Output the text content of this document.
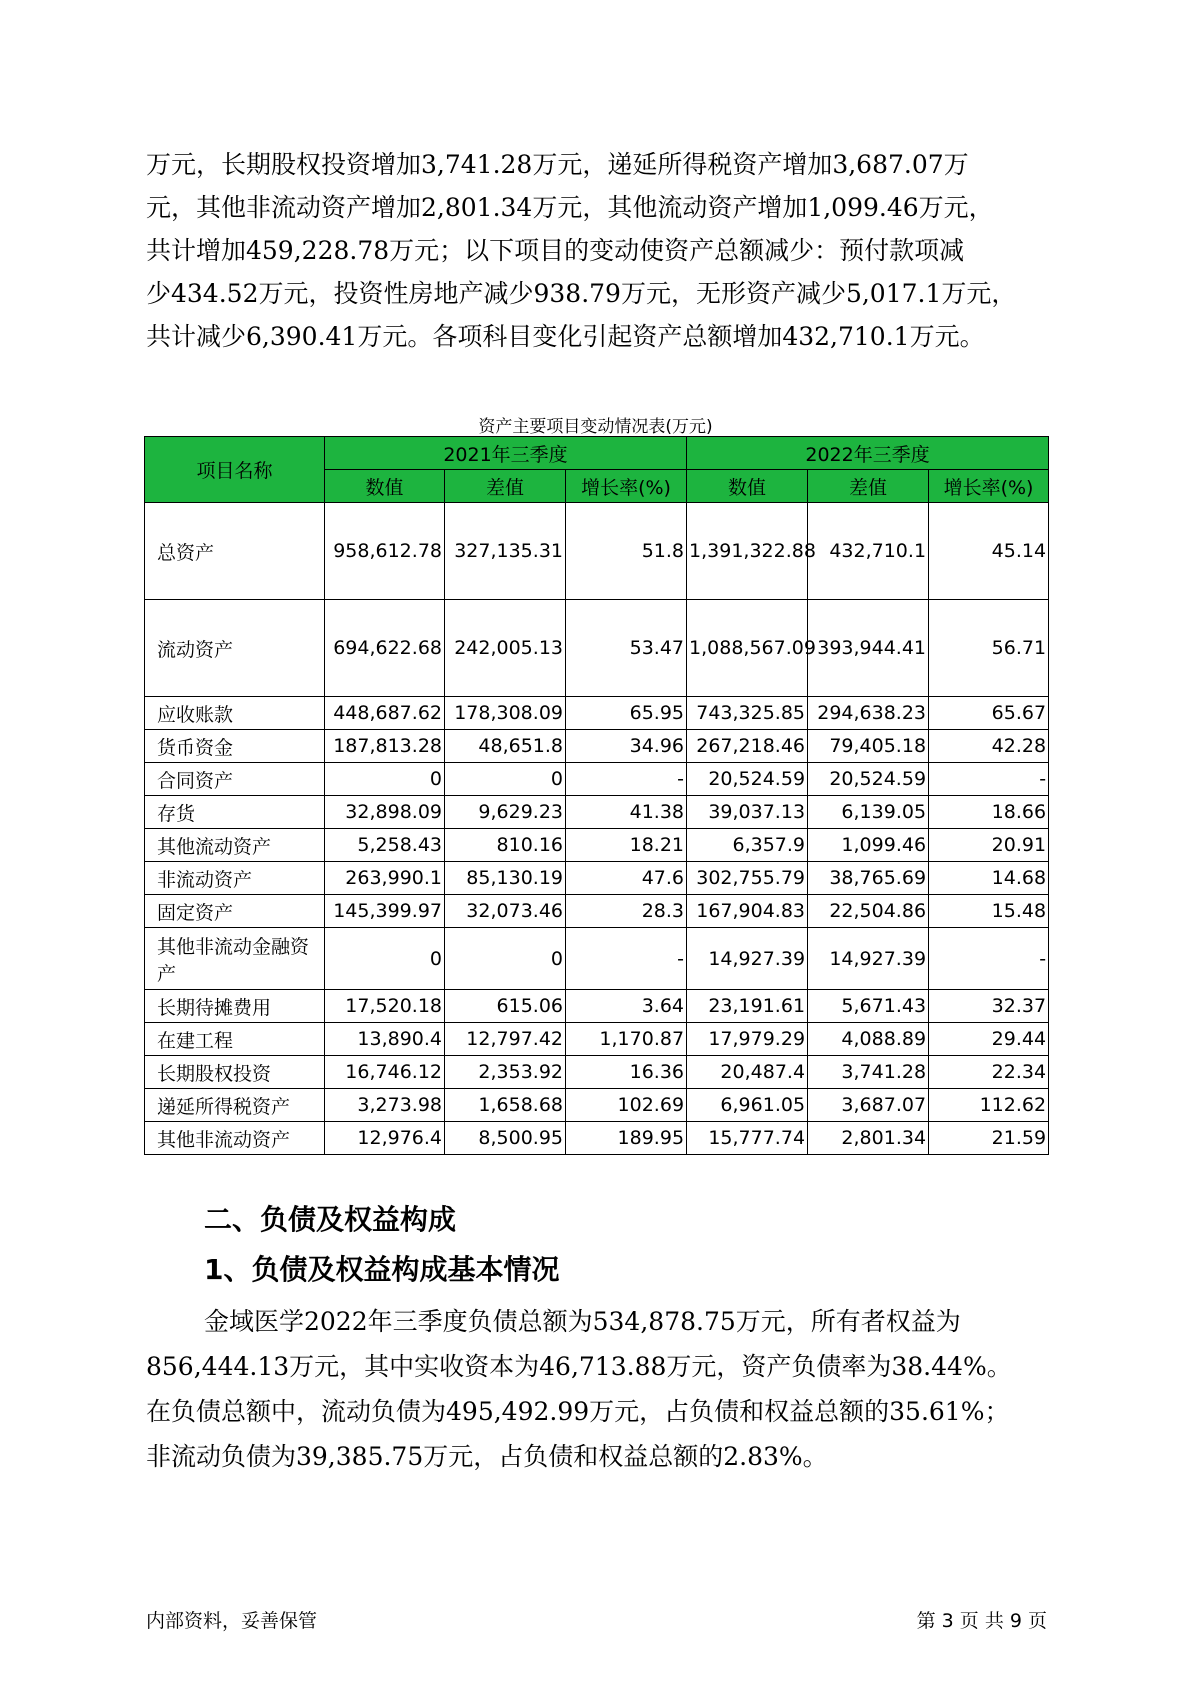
万元，长期股权投资增加3,741.28万元，递延所得税资产增加3,687.07万
元，其他非流动资产增加2,801.34万元，其他流动资产增加1,099.46万元，
共计增加459,228.78万元；以下项目的变动使资产总额减少：预付款项减
少434.52万元，投资性房地产减少938.79万元，无形资产减少5,017.1万元，
共计减少6,390.41万元。各项科目变化引起资产总额增加432,710.1万元。
资产主要项目变动情况表(万元)
项目名称	2021年三季度			2022年三季度		
	数值	差值	增长率(%)	数值	差值	增长率(%)
总资产	958,612.78	327,135.31	51.8	1,391,322.88	432,710.1	45.14
流动资产	694,622.68	242,005.13	53.47	1,088,567.09	393,944.41	56.71
应收账款	448,687.62	178,308.09	65.95	743,325.85	294,638.23	65.67
货币资金	187,813.28	48,651.8	34.96	267,218.46	79,405.18	42.28
合同资产	0	0	-	20,524.59	20,524.59	-
存货	32,898.09	9,629.23	41.38	39,037.13	6,139.05	18.66
其他流动资产	5,258.43	810.16	18.21	6,357.9	1,099.46	20.91
非流动资产	263,990.1	85,130.19	47.6	302,755.79	38,765.69	14.68
固定资产	145,399.97	32,073.46	28.3	167,904.83	22,504.86	15.48
其他非流动金融资产	0	0	-	14,927.39	14,927.39	-
长期待摊费用	17,520.18	615.06	3.64	23,191.61	5,671.43	32.37
在建工程	13,890.4	12,797.42	1,170.87	17,979.29	4,088.89	29.44
长期股权投资	16,746.12	2,353.92	16.36	20,487.4	3,741.28	22.34
递延所得税资产	3,273.98	1,658.68	102.69	6,961.05	3,687.07	112.62
其他非流动资产	12,976.4	8,500.95	189.95	15,777.74	2,801.34	21.59
二、负债及权益构成
1、负债及权益构成基本情况
金域医学2022年三季度负债总额为534,878.75万元，所有者权益为
856,444.13万元，其中实收资本为46,713.88万元，资产负债率为38.44%。
在负债总额中，流动负债为495,492.99万元，占负债和权益总额的35.61%；
非流动负债为39,385.75万元，占负债和权益总额的2.83%。
内部资料，妥善保管	第 3 页 共 9 页
